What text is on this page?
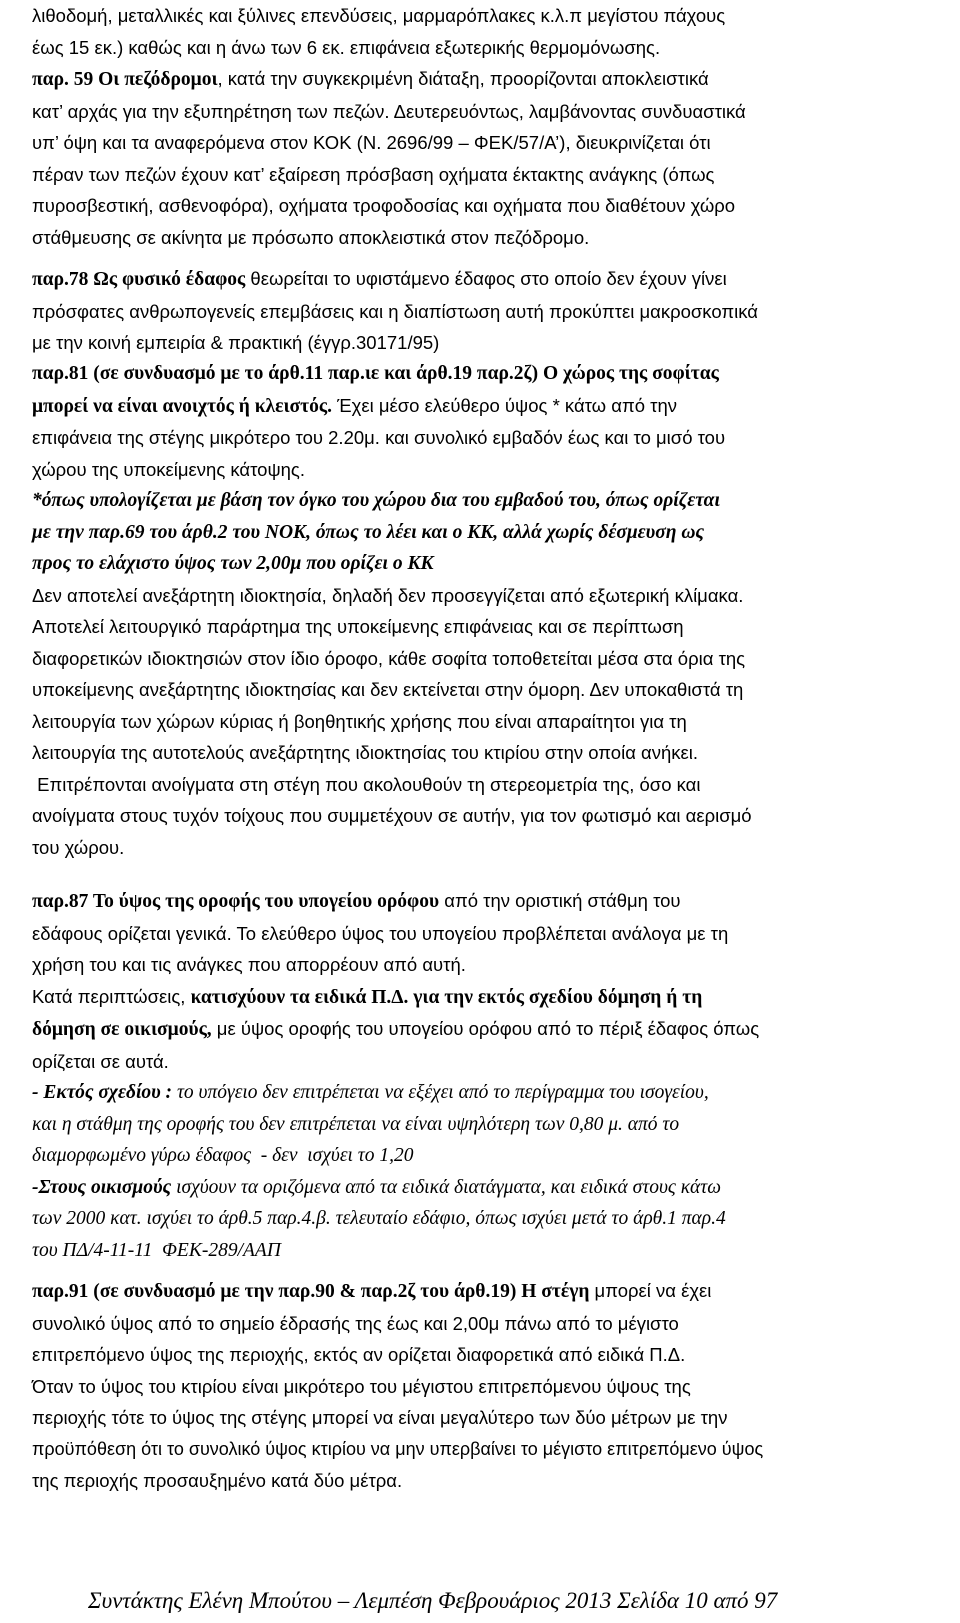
λιθοδομή, μεταλλικές και ξύλινες επενδύσεις, μαρμαρόπλακες κ.λ.π μεγίστου πάχους
έως 15 εκ.) καθώς και η άνω των 6 εκ. επιφάνεια εξωτερικής θερμομόνωσης.
παρ. 59 Οι πεζόδρομοι, κατά την συγκεκριμένη διάταξη, προορίζονται αποκλειστικά
κατ’ αρχάς για την εξυπηρέτηση των πεζών. Δευτερευόντως, λαμβάνοντας συνδυαστικά
υπ’ όψη και τα αναφερόμενα στον ΚΟΚ (Ν. 2696/99 – ΦΕΚ/57/Α’), διευκρινίζεται ότι
πέραν των πεζών έχουν κατ’ εξαίρεση πρόσβαση οχήματα έκτακτης ανάγκης (όπως
πυροσβεστική, ασθενοφόρα), οχήματα τροφοδοσίας και οχήματα που διαθέτουν χώρο
στάθμευσης σε ακίνητα με πρόσωπο αποκλειστικά στον πεζόδρομο.
παρ.78 Ως φυσικό έδαφος θεωρείται το υφιστάμενο έδαφος στο οποίο δεν έχουν γίνει
πρόσφατες ανθρωπογενείς επεμβάσεις και η διαπίστωση αυτή προκύπτει μακροσκοπικά
με την κοινή εμπειρία & πρακτική (έγγρ.30171/95)
παρ.81 (σε συνδυασμό με το άρθ.11 παρ.ιε και άρθ.19 παρ.2ζ) Ο χώρος της σοφίτας
μπορεί να είναι ανοιχτός ή κλειστός. Έχει μέσο ελεύθερο ύψος * κάτω από την
επιφάνεια της στέγης μικρότερο του 2.20μ. και συνολικό εμβαδόν έως και το μισό του
χώρου της υποκείμενης κάτοψης.
*όπως υπολογίζεται με βάση τον όγκο του χώρου δια του εμβαδού του, όπως ορίζεται
με την παρ.69 του άρθ.2 του ΝΟΚ, όπως το λέει και ο ΚΚ, αλλά χωρίς δέσμευση ως
προς το ελάχιστο ύψος των 2,00μ που ορίζει ο ΚΚ
Δεν αποτελεί ανεξάρτητη ιδιοκτησία, δηλαδή δεν προσεγγίζεται από εξωτερική κλίμακα.
Αποτελεί λειτουργικό παράρτημα της υποκείμενης επιφάνειας και σε περίπτωση
διαφορετικών ιδιοκτησιών στον ίδιο όροφο, κάθε σοφίτα τοποθετείται μέσα στα όρια της
υποκείμενης ανεξάρτητης ιδιοκτησίας και δεν εκτείνεται στην όμορη. Δεν υποκαθιστά τη
λειτουργία των χώρων κύριας ή βοηθητικής χρήσης που είναι απαραίτητοι για τη
λειτουργία της αυτοτελούς ανεξάρτητης ιδιοκτησίας του κτιρίου στην οποία ανήκει.
Επιτρέπονται ανοίγματα στη στέγη που ακολουθούν τη στερεομετρία της, όσο και
ανοίγματα στους τυχόν τοίχους που συμμετέχουν σε αυτήν, για τον φωτισμό και αερισμό
του χώρου.
παρ.87 Το ύψος της οροφής του υπογείου ορόφου από την οριστική στάθμη του
εδάφους ορίζεται γενικά. Το ελεύθερο ύψος του υπογείου προβλέπεται ανάλογα με τη
χρήση του και τις ανάγκες που απορρέουν από αυτή.
Κατά περιπτώσεις, κατισχύουν τα ειδικά Π.Δ. για την εκτός σχεδίου δόμηση ή τη
δόμηση σε οικισμούς, με ύψος οροφής του υπογείου ορόφου από το πέριξ έδαφος όπως
ορίζεται σε αυτά.
- Εκτός σχεδίου : το υπόγειο δεν επιτρέπεται να εξέχει από το περίγραμμα του ισογείου,
και η στάθμη της οροφής του δεν επιτρέπεται να είναι υψηλότερη των 0,80 μ. από το
διαμορφωμένο γύρω έδαφος  - δεν  ισχύει το 1,20
-Στους οικισμούς ισχύουν τα οριζόμενα από τα ειδικά διατάγματα, και ειδικά στους κάτω
των 2000 κατ. ισχύει το άρθ.5 παρ.4.β. τελευταίο εδάφιο, όπως ισχύει μετά το άρθ.1 παρ.4
του ΠΔ/4-11-11  ΦΕΚ-289/ΑΑΠ
παρ.91 (σε συνδυασμό με την παρ.90 & παρ.2ζ του άρθ.19) Η στέγη μπορεί να έχει
συνολικό ύψος από το σημείο έδρασής της έως και 2,00μ πάνω από το μέγιστο
επιτρεπόμενο ύψος της περιοχής, εκτός αν ορίζεται διαφορετικά από ειδικά Π.Δ.
Όταν το ύψος του κτιρίου είναι μικρότερο του μέγιστου επιτρεπόμενου ύψους της
περιοχής τότε το ύψος της στέγης μπορεί να είναι μεγαλύτερο των δύο μέτρων με την
προϋπόθεση ότι το συνολικό ύψος κτιρίου να μην υπερβαίνει το μέγιστο επιτρεπόμενο ύψος
της περιοχής προσαυξημένο κατά δύο μέτρα.
Συντάκτης Ελένη Μπούτου – Λεμπέση Φεβρουάριος 2013 Σελίδα 10 από 97
